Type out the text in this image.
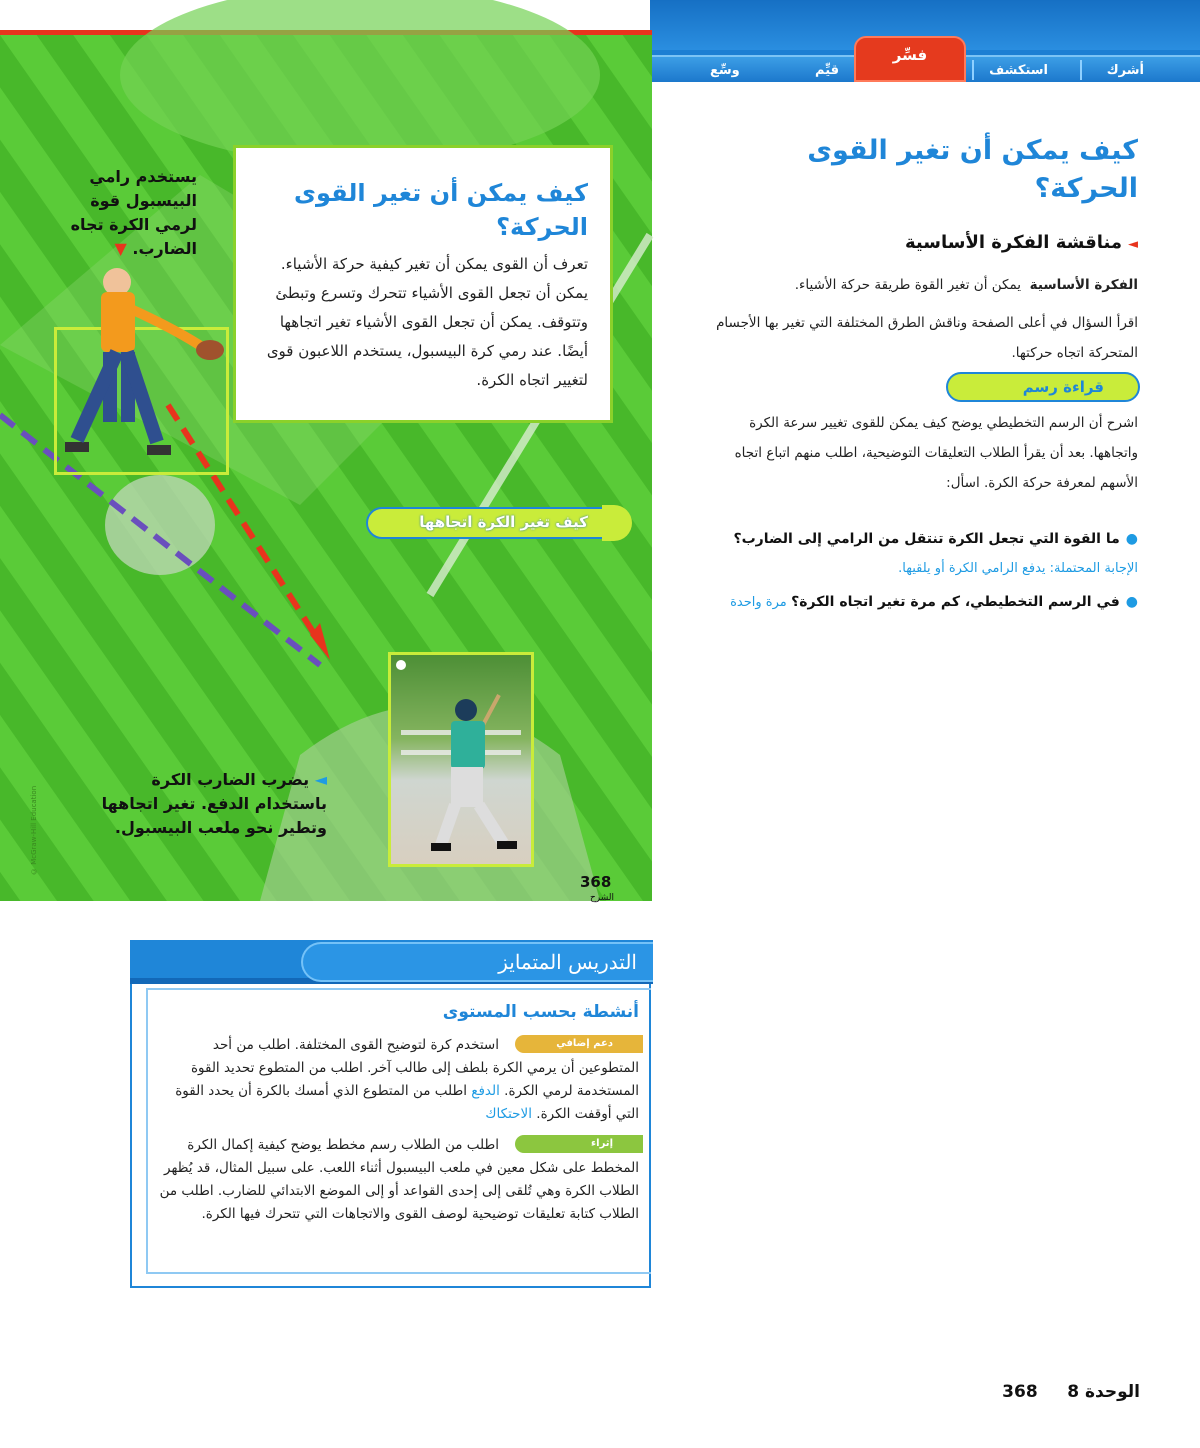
أشرك
استكشف
قيِّم
وسِّع
فسِّر
كيف يمكن أن تغير القوى الحركة؟

تعرف أن القوى يمكن أن تغير كيفية حركة الأشياء. يمكن أن تجعل القوى الأشياء تتحرك وتسرع وتبطئ وتتوقف. يمكن أن تجعل القوى الأشياء تغير اتجاهها أيضًا. عند رمي كرة البيسبول، يستخدم اللاعبون قوى لتغيير اتجاه الكرة.

يستخدم رامي البيسبول قوة لرمي الكرة تجاه الضارب. ▼
كيف تغير الكرة اتجاهها
◄ يضرب الضارب الكرة باستخدام الدفع. تغير اتجاهها وتطير نحو ملعب البيسبول.
368
الشرح
© McGraw-Hill Education
كيف يمكن أن تغير القوى الحركة؟
◄مناقشة الفكرة الأساسية
الفكرة الأساسية  يمكن أن تغير القوة طريقة حركة الأشياء.
اقرأ السؤال في أعلى الصفحة وناقش الطرق المختلفة التي تغير بها الأجسام المتحركة اتجاه حركتها.
قراءة رسم
اشرح أن الرسم التخطيطي يوضح كيف يمكن للقوى تغيير سرعة الكرة واتجاهها. بعد أن يقرأ الطلاب التعليقات التوضيحية، اطلب منهم اتباع اتجاه الأسهم لمعرفة حركة الكرة. اسأل:
●ما القوة التي تجعل الكرة تنتقل من الرامي إلى الضارب؟ الإجابة المحتملة: يدفع الرامي الكرة أو يلقيها.
●في الرسم التخطيطي، كم مرة تغير اتجاه الكرة؟ مرة واحدة
التدريس المتمايز
أنشطة بحسب المستوى
دعم إضافي
استخدم كرة لتوضيح القوى المختلفة. اطلب من أحد المتطوعين أن يرمي الكرة بلطف إلى طالب آخر. اطلب من المتطوع تحديد القوة المستخدمة لرمي الكرة. الدفع اطلب من المتطوع الذي أمسك بالكرة أن يحدد القوة التي أوقفت الكرة. الاحتكاك
إثراء
اطلب من الطلاب رسم مخطط يوضح كيفية إكمال الكرة المخطط على شكل معين في ملعب البيسبول أثناء اللعب. على سبيل المثال، قد يُظهر الطلاب الكرة وهي تُلقى إلى إحدى القواعد أو إلى الموضع الابتدائي للضارب. اطلب من الطلاب كتابة تعليقات توضيحية لوصف القوى والاتجاهات التي تتحرك فيها الكرة.
الوحدة 8     368
